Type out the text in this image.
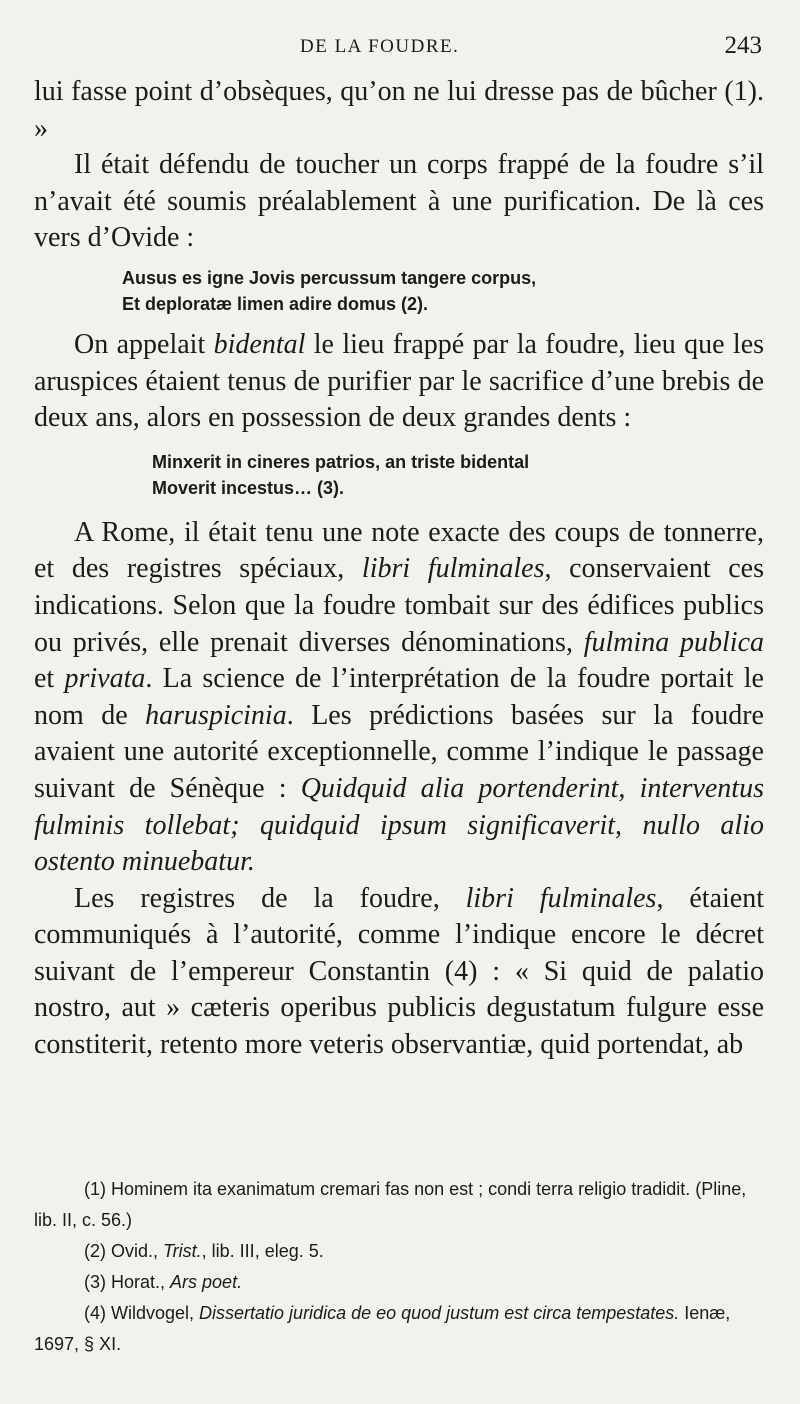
DE LA FOUDRE.	243

lui fasse point d’obsèques, qu’on ne lui dresse pas de bûcher (1). »

Il était défendu de toucher un corps frappé de la foudre s’il n’avait été soumis préalablement à une purification. De là ces vers d’Ovide :

Ausus es igne Jovis percussum tangere corpus,
Et deploratæ limen adire domus (2).

On appelait bidental le lieu frappé par la foudre, lieu que les aruspices étaient tenus de purifier par le sacrifice d’une brebis de deux ans, alors en possession de deux grandes dents :

Minxerit in cineres patrios, an triste bidental
Moverit incestus… (3).

A Rome, il était tenu une note exacte des coups de tonnerre, et des registres spéciaux, libri fulminales, conservaient ces indications. Selon que la foudre tombait sur des édifices publics ou privés, elle prenait diverses dénominations, fulmina publica et privata. La science de l’interprétation de la foudre portait le nom de haruspicinia. Les prédictions basées sur la foudre avaient une autorité exceptionnelle, comme l’indique le passage suivant de Sénèque : Quidquid alia portenderint, interventus fulminis tollebat; quidquid ipsum significaverit, nullo alio ostento minuebatur.

Les registres de la foudre, libri fulminales, étaient communiqués à l’autorité, comme l’indique encore le décret suivant de l’empereur Constantin (4) : « Si quid de palatio nostro, aut » cæteris operibus publicis degustatum fulgure esse constiterit, retento more veteris observantiæ, quid portendat, ab

(1) Hominem ita exanimatum cremari fas non est ; condi terra religio tradidit. (Pline, lib. II, c. 56.)
(2) Ovid., Trist., lib. III, eleg. 5.
(3) Horat., Ars poet.
(4) Wildvogel, Dissertatio juridica de eo quod justum est circa tempestates. Ienæ, 1697, § XI.
